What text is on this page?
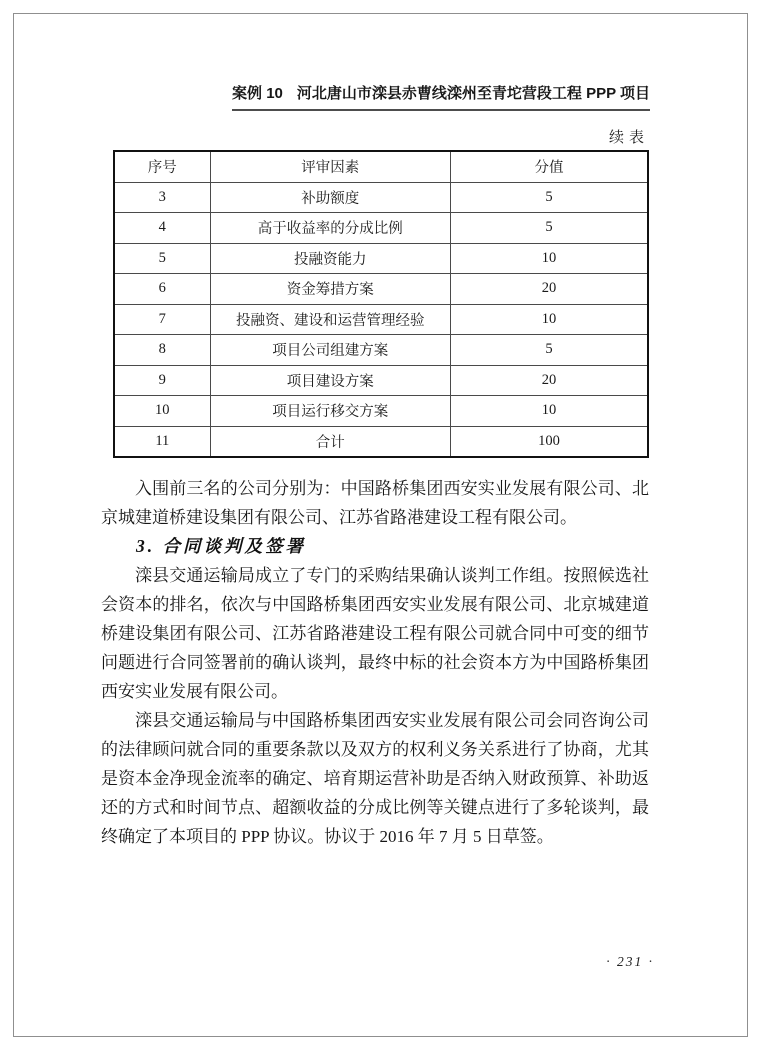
案例 10 河北唐山市滦县赤曹线滦州至青坨营段工程 PPP 项目
续表
序号	评审因素	分值
3	补助额度	5
4	高于收益率的分成比例	5
5	投融资能力	10
6	资金筹措方案	20
7	投融资、建设和运营管理经验	10
8	项目公司组建方案	5
9	项目建设方案	20
10	项目运行移交方案	10
11	合计	100

入围前三名的公司分别为：中国路桥集团西安实业发展有限公司、北京城建道桥建设集团有限公司、江苏省路港建设工程有限公司。

3. 合同谈判及签署

滦县交通运输局成立了专门的采购结果确认谈判工作组。按照候选社会资本的排名，依次与中国路桥集团西安实业发展有限公司、北京城建道桥建设集团有限公司、江苏省路港建设工程有限公司就合同中可变的细节问题进行合同签署前的确认谈判，最终中标的社会资本方为中国路桥集团西安实业发展有限公司。

滦县交通运输局与中国路桥集团西安实业发展有限公司会同咨询公司的法律顾问就合同的重要条款以及双方的权利义务关系进行了协商，尤其是资本金净现金流率的确定、培育期运营补助是否纳入财政预算、补助返还的方式和时间节点、超额收益的分成比例等关键点进行了多轮谈判，最终确定了本项目的 PPP 协议。协议于 2016 年 7 月 5 日草签。

· 231 ·
